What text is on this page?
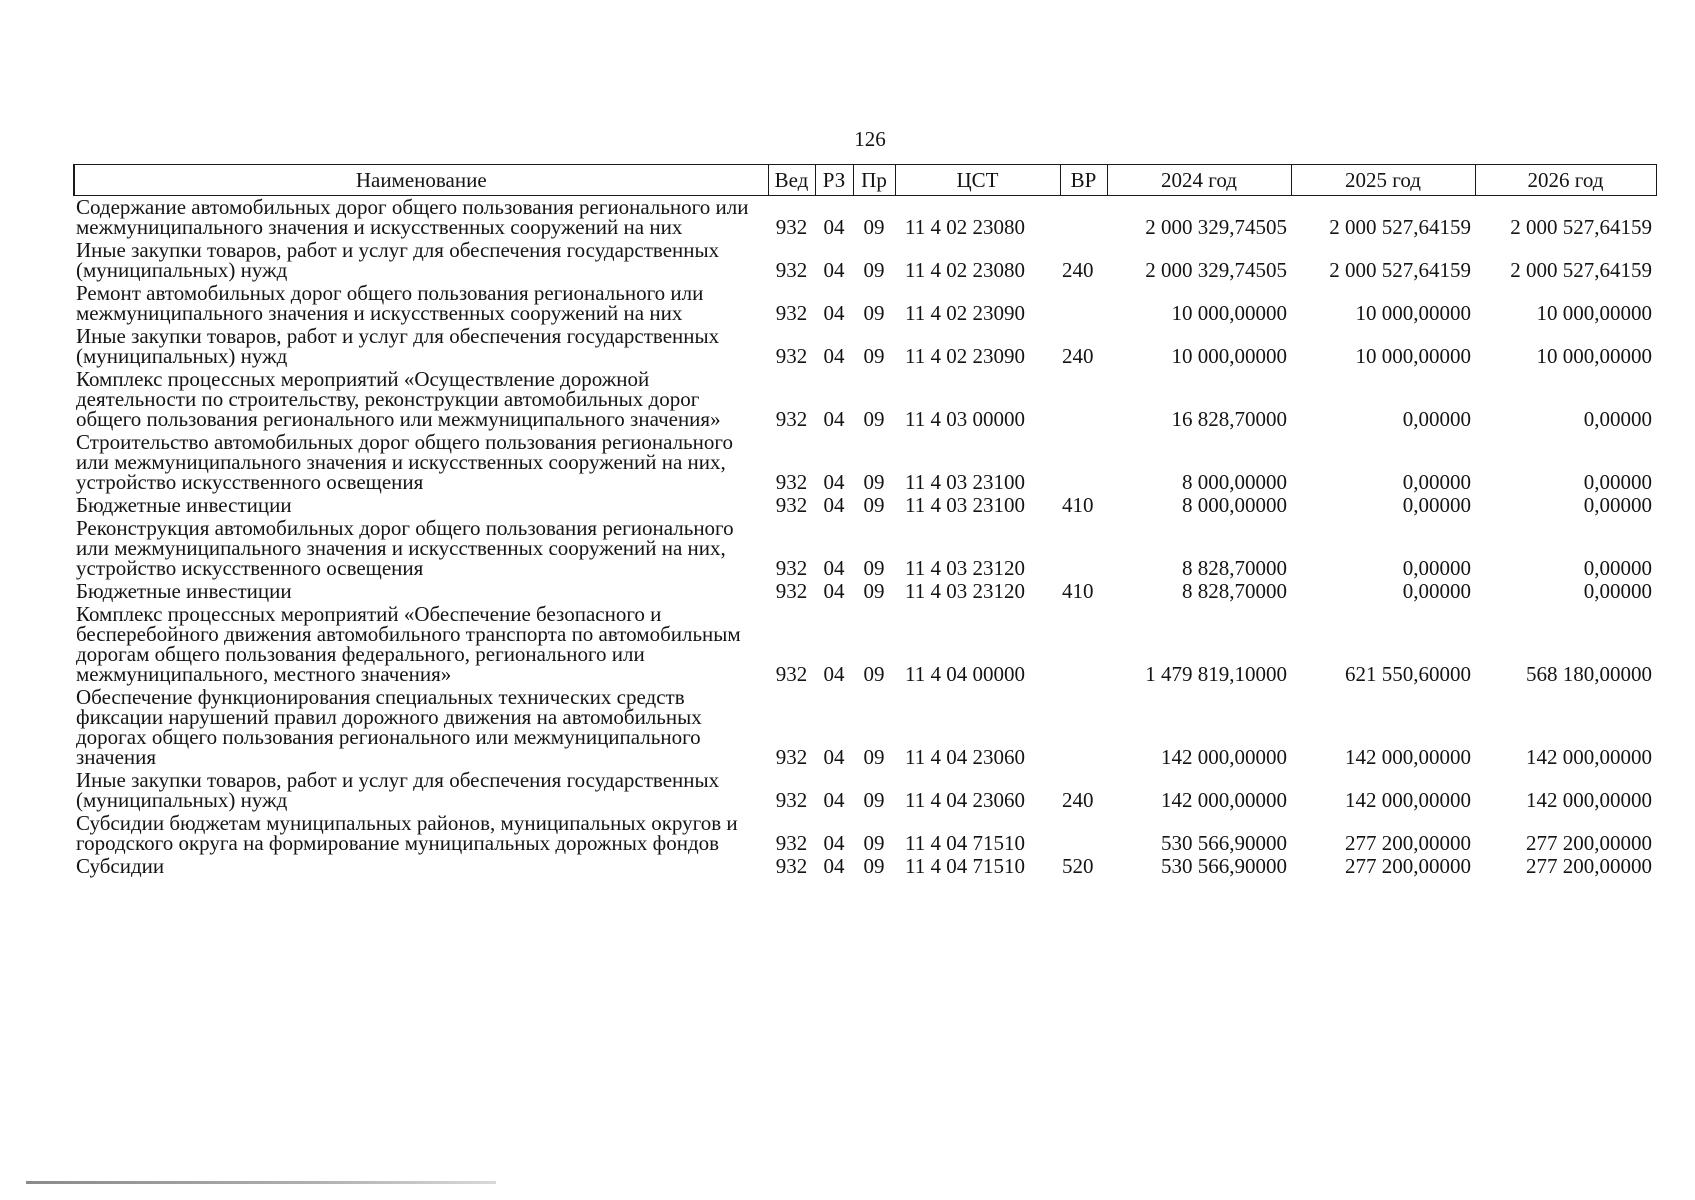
126
Наименование	Вед	РЗ	Пр	ЦСТ	ВР	2024 год	2025 год	2026 год
Содержание автомобильных дорог общего пользования регионального или межмуниципального значения и искусственных сооружений на них	932	04	09	11 4 02 23080		2 000 329,74505	2 000 527,64159	2 000 527,64159
Иные закупки товаров, работ и услуг для обеспечения государственных (муниципальных) нужд	932	04	09	11 4 02 23080	240	2 000 329,74505	2 000 527,64159	2 000 527,64159
Ремонт автомобильных дорог общего пользования регионального или межмуниципального значения и искусственных сооружений на них	932	04	09	11 4 02 23090		10 000,00000	10 000,00000	10 000,00000
Иные закупки товаров, работ и услуг для обеспечения государственных (муниципальных) нужд	932	04	09	11 4 02 23090	240	10 000,00000	10 000,00000	10 000,00000
Комплекс процессных мероприятий «Осуществление дорожной деятельности по строительству, реконструкции автомобильных дорог общего пользования регионального или межмуниципального значения»	932	04	09	11 4 03 00000		16 828,70000	0,00000	0,00000
Строительство автомобильных дорог общего пользования регионального или межмуниципального значения и искусственных сооружений на них, устройство искусственного освещения	932	04	09	11 4 03 23100		8 000,00000	0,00000	0,00000
Бюджетные инвестиции	932	04	09	11 4 03 23100	410	8 000,00000	0,00000	0,00000
Реконструкция автомобильных дорог общего пользования регионального или межмуниципального значения и искусственных сооружений на них, устройство искусственного освещения	932	04	09	11 4 03 23120		8 828,70000	0,00000	0,00000
Бюджетные инвестиции	932	04	09	11 4 03 23120	410	8 828,70000	0,00000	0,00000
Комплекс процессных мероприятий «Обеспечение безопасного и бесперебойного движения автомобильного транспорта по автомобильным дорогам общего пользования федерального, регионального или межмуниципального, местного значения»	932	04	09	11 4 04 00000		1 479 819,10000	621 550,60000	568 180,00000
Обеспечение функционирования специальных технических средств фиксации нарушений правил дорожного движения на автомобильных дорогах общего пользования регионального или межмуниципального значения	932	04	09	11 4 04 23060		142 000,00000	142 000,00000	142 000,00000
Иные закупки товаров, работ и услуг для обеспечения государственных (муниципальных) нужд	932	04	09	11 4 04 23060	240	142 000,00000	142 000,00000	142 000,00000
Субсидии бюджетам муниципальных районов, муниципальных округов и городского округа на формирование муниципальных дорожных фондов	932	04	09	11 4 04 71510		530 566,90000	277 200,00000	277 200,00000
Субсидии	932	04	09	11 4 04 71510	520	530 566,90000	277 200,00000	277 200,00000
